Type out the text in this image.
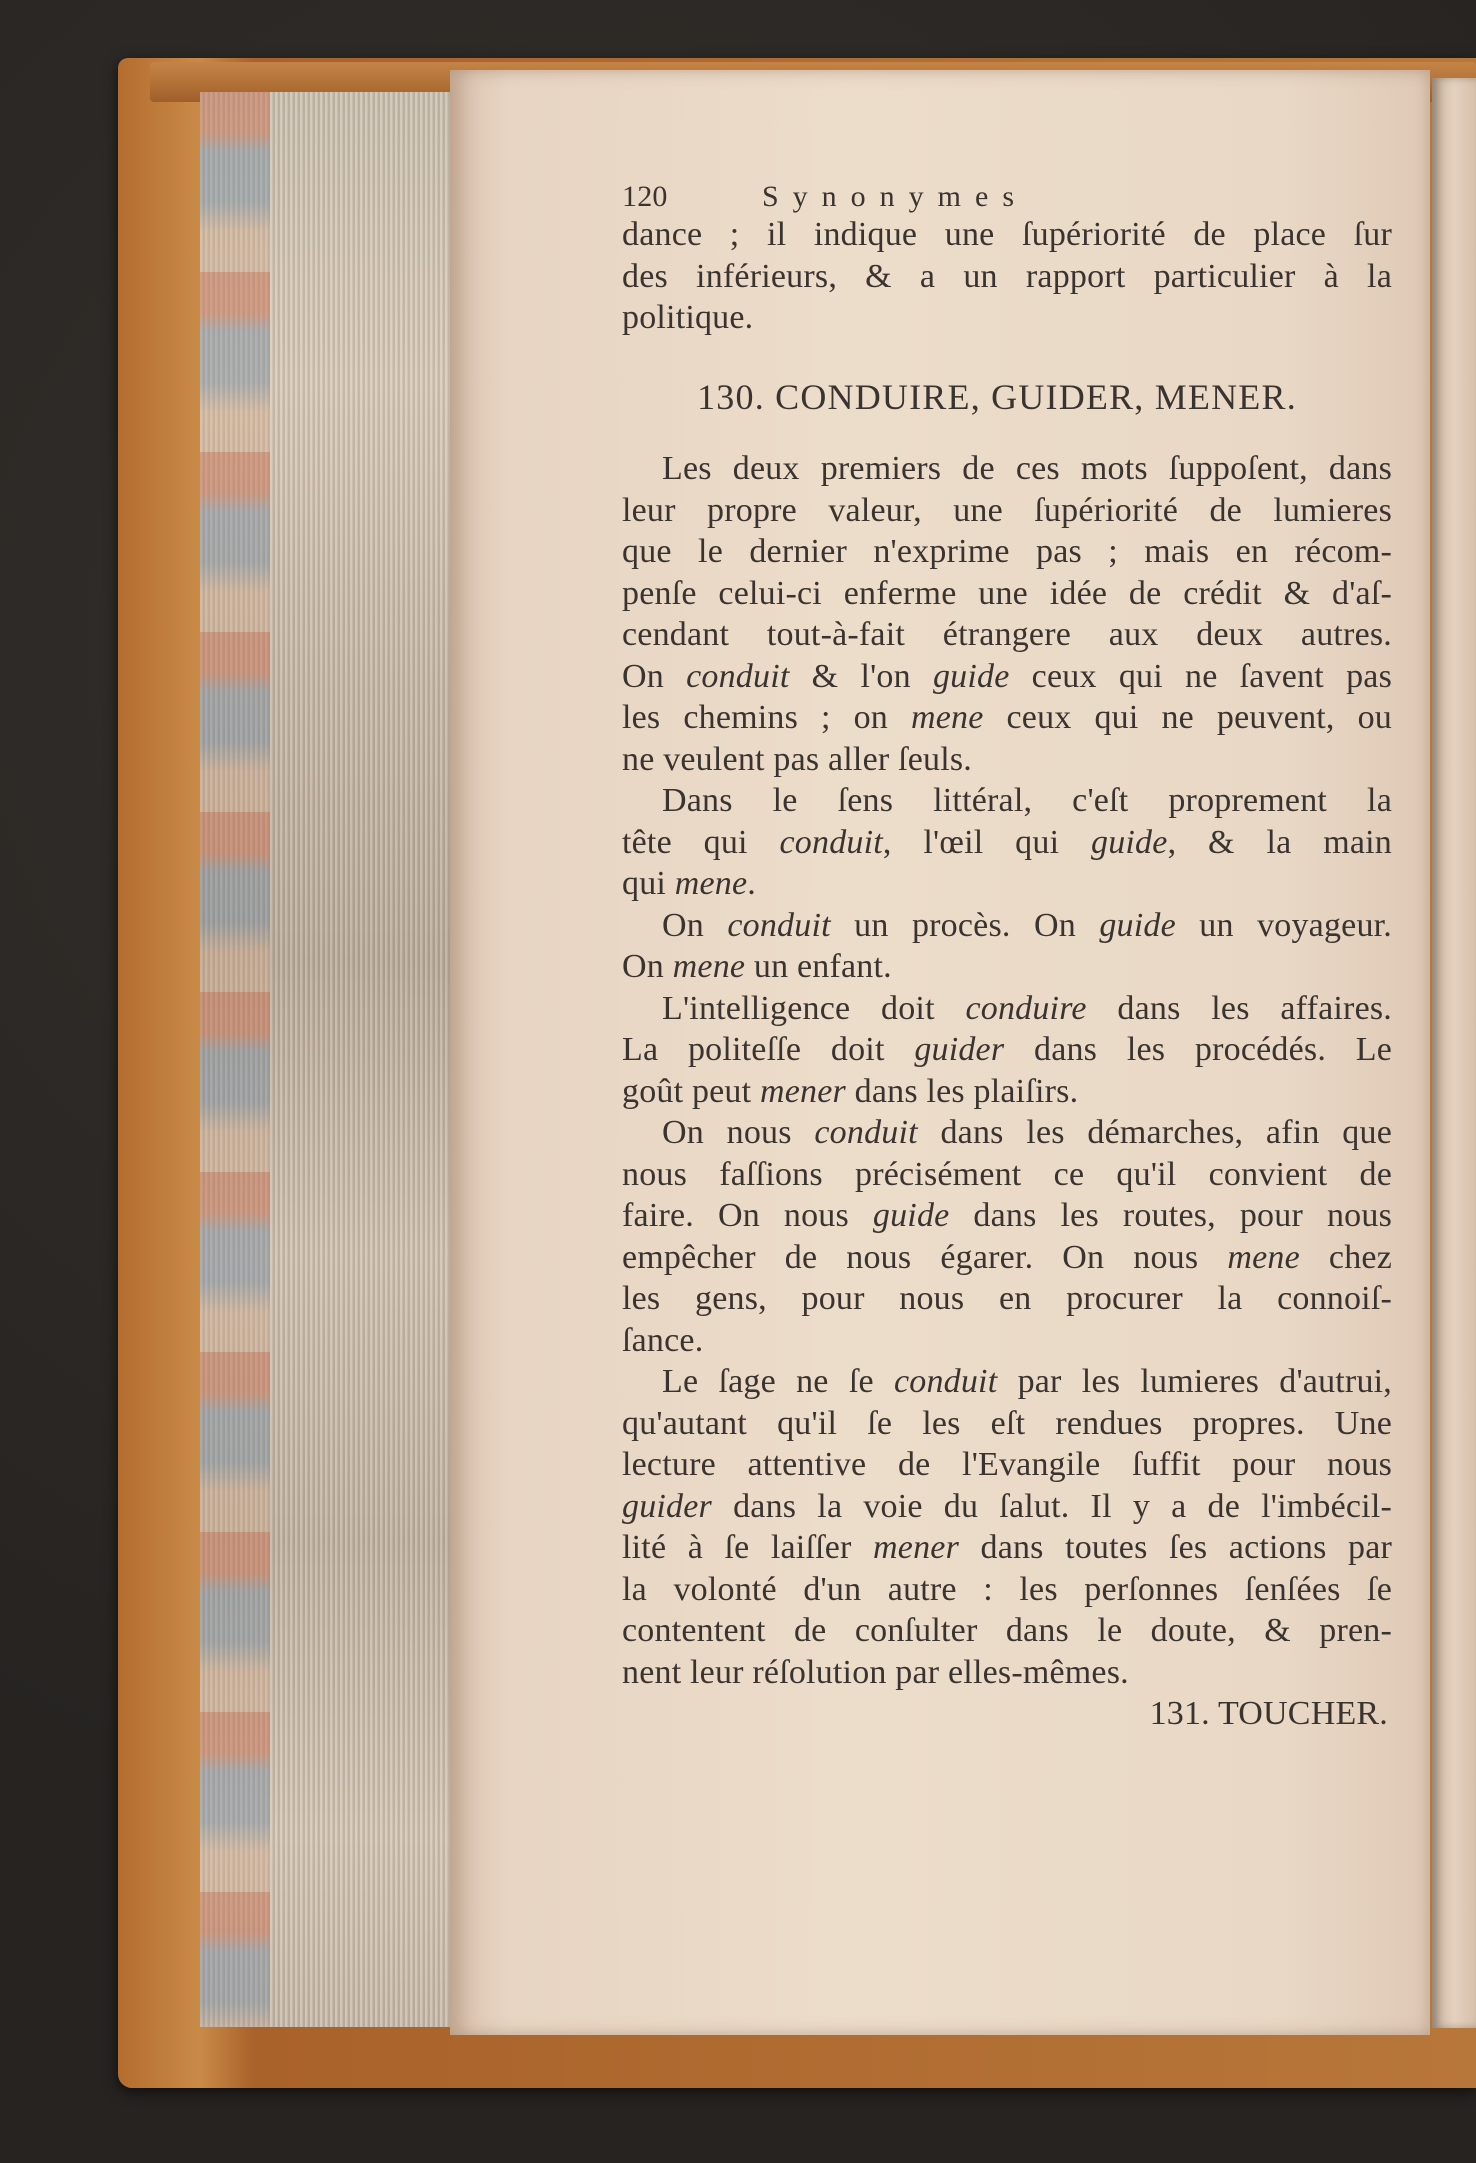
120	Synonymes
dance ; il indique une ſupériorité de place ſur
des inférieurs, & a un rapport particulier à la
politique.
130. CONDUIRE, GUIDER, MENER.
Les deux premiers de ces mots ſuppoſent, dans
leur propre valeur, une ſupériorité de lumieres
que le dernier n'exprime pas ; mais en récom-
penſe celui-ci enferme une idée de crédit & d'aſ-
cendant tout-à-fait étrangere aux deux autres.
On conduit & l'on guide ceux qui ne ſavent pas
les chemins ; on mene ceux qui ne peuvent, ou
ne veulent pas aller ſeuls.
Dans le ſens littéral, c'eſt proprement la
tête qui conduit, l'œil qui guide, & la main
qui mene.
On conduit un procès. On guide un voyageur.
On mene un enfant.
L'intelligence doit conduire dans les affaires.
La politeſſe doit guider dans les procédés. Le
goût peut mener dans les plaiſirs.
On nous conduit dans les démarches, afin que
nous faſſions précisément ce qu'il convient de
faire. On nous guide dans les routes, pour nous
empêcher de nous égarer. On nous mene chez
les gens, pour nous en procurer la connoiſ-
ſance.
Le ſage ne ſe conduit par les lumieres d'autrui,
qu'autant qu'il ſe les eſt rendues propres. Une
lecture attentive de l'Evangile ſuffit pour nous
guider dans la voie du ſalut. Il y a de l'imbécil-
lité à ſe laiſſer mener dans toutes ſes actions par
la volonté d'un autre : les perſonnes ſenſées ſe
contentent de conſulter dans le doute, & pren-
nent leur réſolution par elles-mêmes.
131. TOUCHER.
